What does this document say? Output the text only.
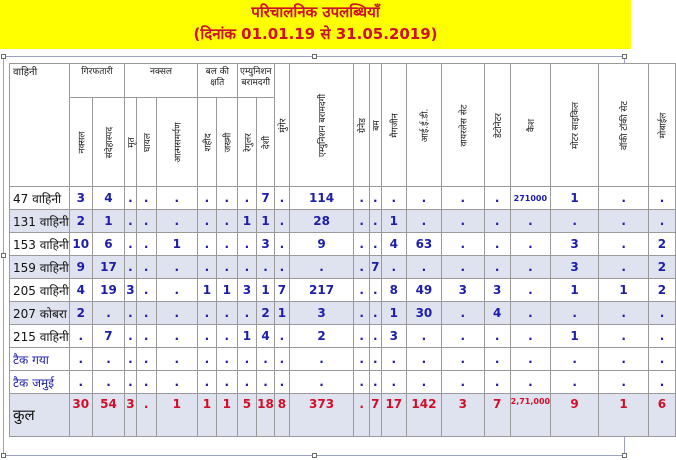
परिचालनिक उपलब्धियाँ
(दिनांक 01.01.19 से 31.05.2019)
वाहिनी	गिरफतारी		नक्सल			बल की क्षति		एम्युनिशन बरामदगी		मुंगेर	एम्युनिशन बरामदगी	ग्रेनेड	बम	मैगजीन	आई.ई.डी.	वायरलेस सेट	डेटोनेटर	कैश	मोटर साइकिल	वॉकी टॉकी सेट	मोबाईल

	नक्सल	संदेहास्पद	मृत	घायल	आत्मसमर्पण	शहीद	जख्मी	रेगुलर	देशी												

47 वाहिनी	3	4	.	.	.	.	.	.	7	.	114	.	.	.	.	.	.	271000	1	.	.
131 वाहिनी	2	1	.	.	.	.	.	1	1	.	28	.	.	1	.	.	.	.	.	.	.
153 वाहिनी	10	6	.	.	1	.	.	.	3	.	9	.	.	4	63	.	.	.	3	.	2
159 वाहिनी	9	17	.	.	.	.	.	.	.	.	.	.	7	.	.	.	.	.	3	.	2
205 वाहिनी	4	19	3	.	.	1	1	3	1	7	217	.	.	8	49	3	3	.	1	1	2
207 कोबरा	2	.	.	.	.	.	.	.	2	1	3	.	.	1	30	.	4	.	.	.	.
215 वाहिनी	.	7	.	.	.	.	.	1	4	.	2	.	.	3	.	.	.	.	1	.	.
टैक गया	.	.	.	.	.	.	.	.	.	.	.	.	.	.	.	.	.	.	.	.	.
टैक जमुई	.	.	.	.	.	.	.	.	.	.	.	.	.	.	.	.	.	.	.	.	.
कुल	30	54	3	.	1	1	1	5	18	8	373	.	7	17	142	3	7	2,71,000	9	1	6
